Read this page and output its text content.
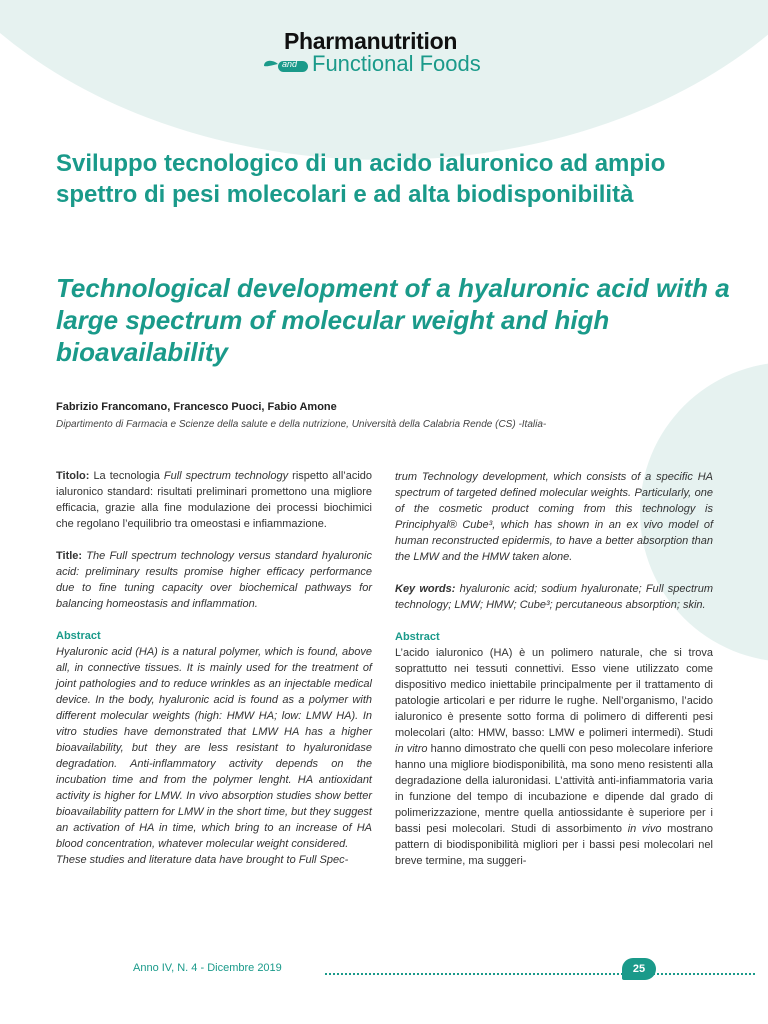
Pharmanutrition
and Functional Foods
Sviluppo tecnologico di un acido ialuronico ad ampio spettro di pesi molecolari e ad alta biodisponibilità
Technological development of a hyaluronic acid with a large spectrum of molecular weight and high bioavailability
Fabrizio Francomano, Francesco Puoci, Fabio Amone
Dipartimento di Farmacia e Scienze della salute e della nutrizione, Università della Calabria Rende (CS) -Italia-

Titolo: La tecnologia Full spectrum technology rispetto all’acido ialuronico standard: risultati preliminari promettono una migliore efficacia, grazie alla fine modulazione dei processi biochimici che regolano l’equilibrio tra omeostasi e infiammazione.

Title: The Full spectrum technology versus standard hyaluronic acid: preliminary results promise higher efficacy performance due to fine tuning capacity over biochemical pathways for balancing homeostasis and inflammation.

Abstract

Hyaluronic acid (HA) is a natural polymer, which is found, above all, in connective tissues. It is mainly used for the treatment of joint pathologies and to reduce wrinkles as an injectable medical device. In the body, hyaluronic acid is found as a polymer with different molecular weights (high: HMW HA; low: LMW HA). In vitro studies have demonstrated that LMW HA has a higher bioavailability, but they are less resistant to hyaluronidase degradation. Anti-inflammatory activity depends on the incubation time and from the polymer lenght. HA antioxidant activity is higher for LMW. In vivo absorption studies show better bioavailability pattern for LMW in the short time, but they suggest an activation of HA in time, which bring to an increase of HA blood concentration, whatever molecular weight considered.

These studies and literature data have brought to Full Spec-

trum Technology development, which consists of a specific HA spectrum of targeted defined molecular weights. Particularly, one of the cosmetic product coming from this technology is Principhyal® Cube³, which has shown in an ex vivo model of human reconstructed epidermis, to have a better absorption than the LMW and the HMW taken alone.

Key words: hyaluronic acid; sodium hyaluronate; Full spectrum technology; LMW; HMW; Cube³; percutaneous absorption; skin.

Abstract

L’acido ialuronico (HA) è un polimero naturale, che si trova soprattutto nei tessuti connettivi. Esso viene utilizzato come dispositivo medico iniettabile principalmente per il trattamento di patologie articolari e per ridurre le rughe. Nell’organismo, l’acido ialuronico è presente sotto forma di polimero di differenti pesi molecolari (alto: HMW, basso: LMW e polimeri intermedi). Studi in vitro hanno dimostrato che quelli con peso molecolare inferiore hanno una migliore biodisponibilità, ma sono meno resistenti alla degradazione della ialuronidasi. L’attività anti-infiammatoria varia in funzione del tempo di incubazione e dipende dal grado di polimerizzazione, mentre quella antiossidante è superiore per i bassi pesi molecolari. Studi di assorbimento in vivo mostrano pattern di biodisponibilità migliori per i bassi pesi molecolari nel breve termine, ma suggeri-

Anno IV, N. 4 - Dicembre 2019	25
